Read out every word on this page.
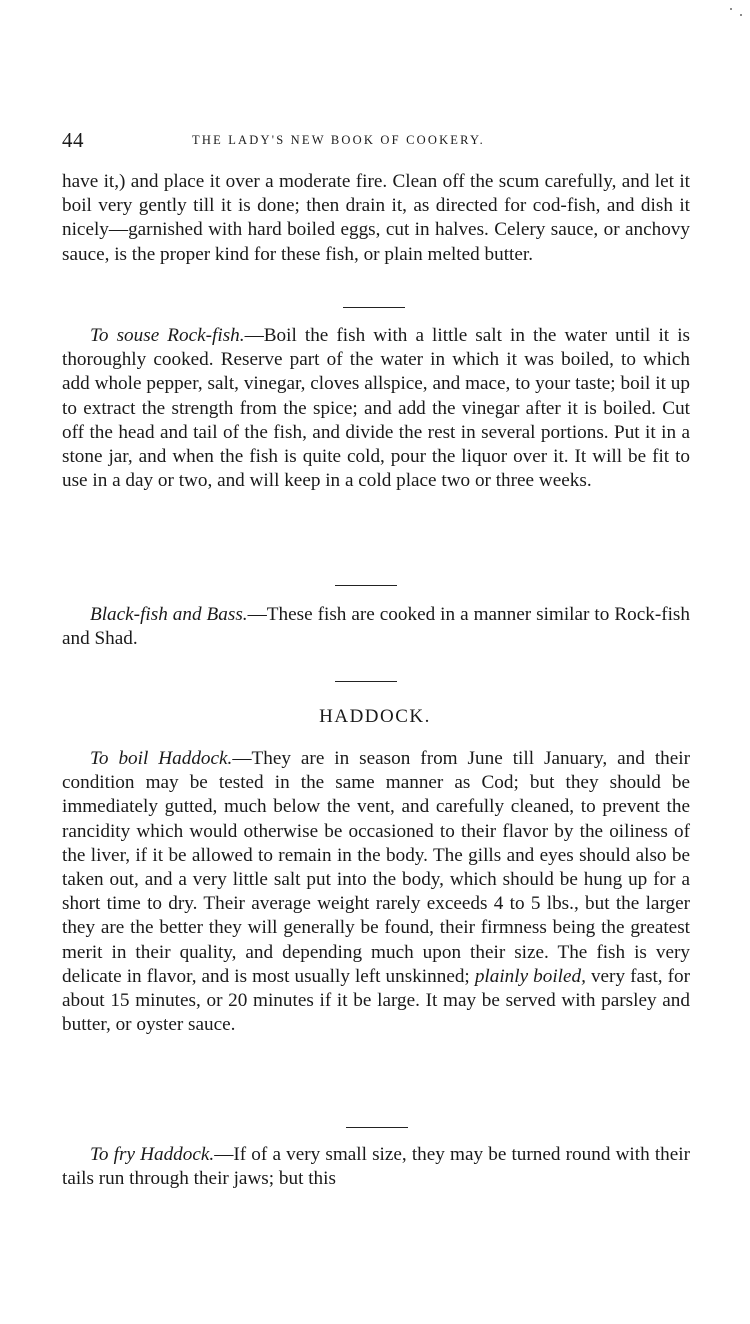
44	THE LADY'S NEW BOOK OF COOKERY.
have it,) and place it over a moderate fire. Clean off the scum carefully, and let it boil very gently till it is done; then drain it, as directed for cod-fish, and dish it nicely—garnished with hard boiled eggs, cut in halves. Celery sauce, or anchovy sauce, is the proper kind for these fish, or plain melted butter.
To souse Rock-fish.—Boil the fish with a little salt in the water until it is thoroughly cooked. Reserve part of the water in which it was boiled, to which add whole pepper, salt, vinegar, cloves allspice, and mace, to your taste; boil it up to extract the strength from the spice; and add the vinegar after it is boiled. Cut off the head and tail of the fish, and divide the rest in several portions. Put it in a stone jar, and when the fish is quite cold, pour the liquor over it. It will be fit to use in a day or two, and will keep in a cold place two or three weeks.
Black-fish and Bass.—These fish are cooked in a manner similar to Rock-fish and Shad.
HADDOCK.
To boil Haddock.—They are in season from June till January, and their condition may be tested in the same manner as Cod; but they should be immediately gutted, much below the vent, and carefully cleaned, to prevent the rancidity which would otherwise be occasioned to their flavor by the oiliness of the liver, if it be allowed to remain in the body. The gills and eyes should also be taken out, and a very little salt put into the body, which should be hung up for a short time to dry. Their average weight rarely exceeds 4 to 5 lbs., but the larger they are the better they will generally be found, their firmness being the greatest merit in their quality, and depending much upon their size. The fish is very delicate in flavor, and is most usually left unskinned; plainly boiled, very fast, for about 15 minutes, or 20 minutes if it be large. It may be served with parsley and butter, or oyster sauce.
To fry Haddock.—If of a very small size, they may be turned round with their tails run through their jaws; but this
